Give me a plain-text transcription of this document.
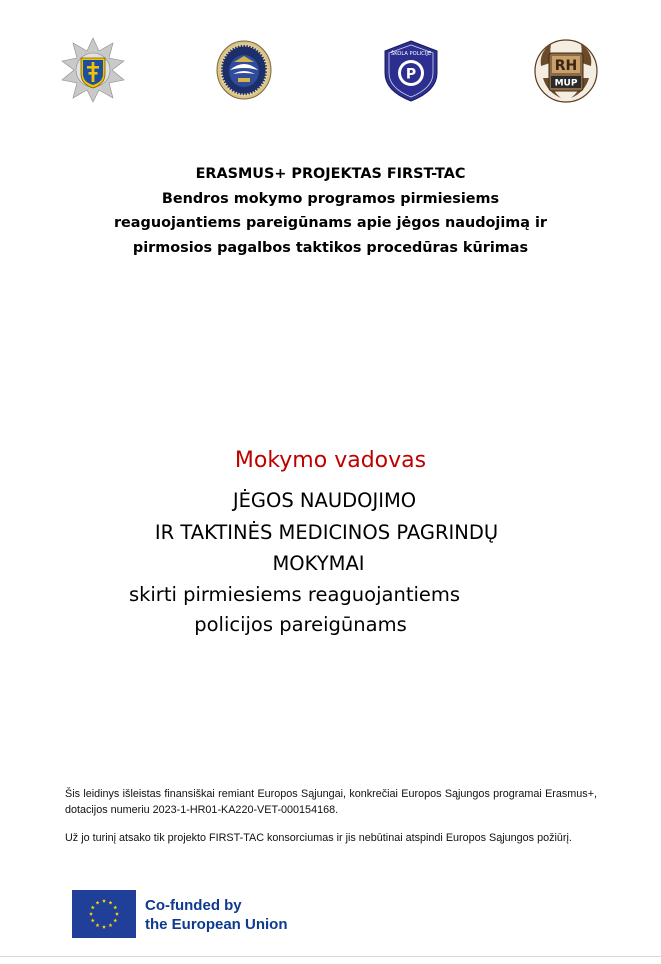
P
ŠKOLA POLICIJE
RH
MUP
ERASMUS+ PROJEKTAS FIRST-TAC
Bendros mokymo programos pirmiesiems
reaguojantiems pareigūnams apie jėgos naudojimą ir
pirmosios pagalbos taktikos procedūras kūrimas
Mokymo vadovas
JĖGOS NAUDOJIMO
IR TAKTINĖS MEDICINOS PAGRINDŲ
MOKYMAI
skirti pirmiesiems reaguojantiems
policijos pareigūnams
Šis leidinys išleistas finansiškai remiant Europos Sąjungai, konkrečiai Europos Sąjungos programai Erasmus+, dotacijos numeriu 2023-1-HR01-KA220-VET-000154168.
Už jo turinį atsako tik projekto FIRST-TAC konsorciumas ir jis nebūtinai atspindi Europos Sąjungos požiūrį.
Co-funded by
the European Union
